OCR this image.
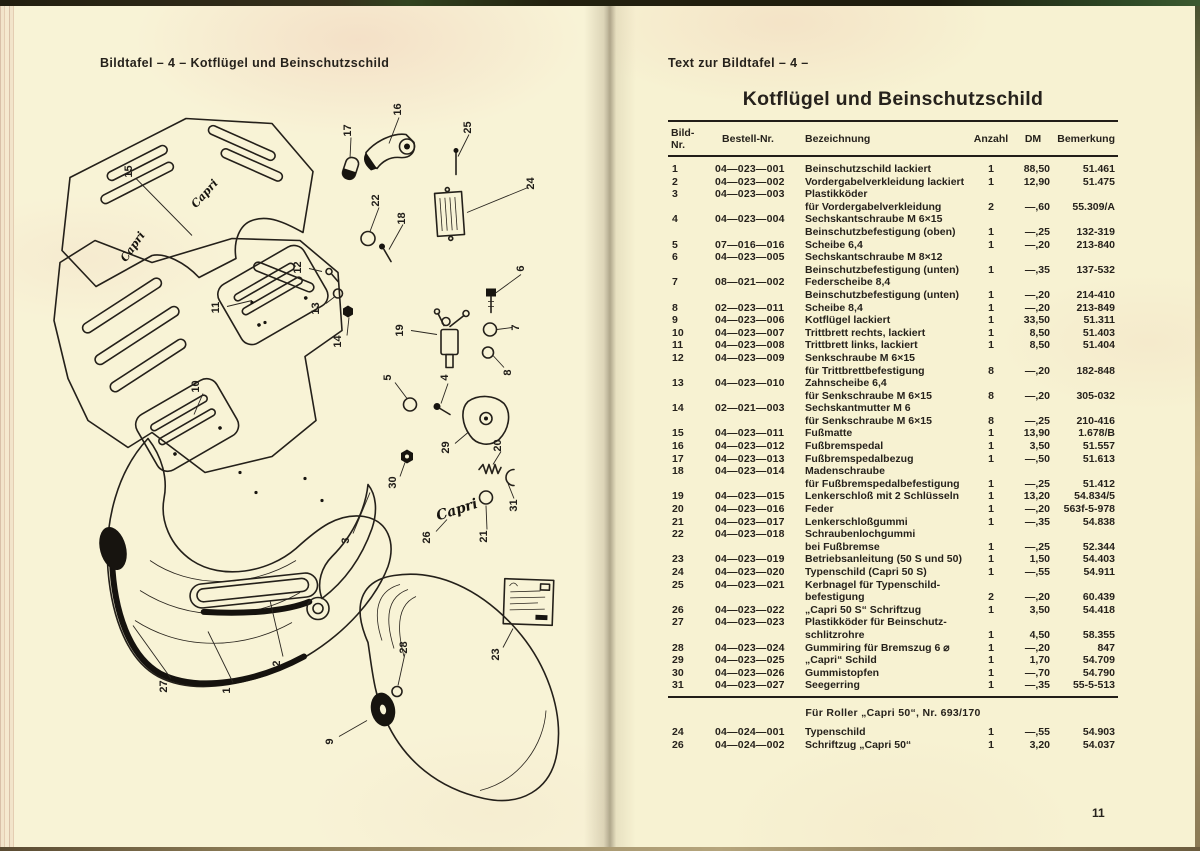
Bildtafel – 4 – Kotflügel und Beinschutzschild
Capri
Capri
Capri
15
17
16
25
24
22
18
12
13
14
11
6
7
19
8
5	4
10
29	20
30
26	21
31
3
2
28
23
27	1
9
Text zur Bildtafel – 4 –
Kotflügel und Beinschutzschild
Bild-
Nr.	Bestell-Nr.	Bezeichnung	Anzahl	DM	Bemerkung
1	04—023—001	Beinschutzschild lackiert	1	88,50	51.461
2	04—023—002	Vordergabelverkleidung lackiert	1	12,90	51.475
3	04—023—003	Plastikköder
für Vordergabelverkleidung	2	—,60	55.309/A
4	04—023—004	Sechskantschraube M 6×15
Beinschutzbefestigung (oben)	1	—,25	132-319
5	07—016—016	Scheibe 6,4	1	—,20	213-840
6	04—023—005	Sechskantschraube M 8×12
Beinschutzbefestigung (unten)	1	—,35	137-532
7	08—021—002	Federscheibe 8,4
Beinschutzbefestigung (unten)	1	—,20	214-410
8	02—023—011	Scheibe 8,4	1	—,20	213-849
9	04—023—006	Kotflügel lackiert	1	33,50	51.311
10	04—023—007	Trittbrett rechts, lackiert	1	8,50	51.403
11	04—023—008	Trittbrett links, lackiert	1	8,50	51.404
12	04—023—009	Senkschraube M 6×15
für Trittbrettbefestigung	8	—,20	182-848
13	04—023—010	Zahnscheibe 6,4
für Senkschraube M 6×15	8	—,20	305-032
14	02—021—003	Sechskantmutter M 6
für Senkschraube M 6×15	8	—,25	210-416
15	04—023—011	Fußmatte	1	13,90	1.678/B
16	04—023—012	Fußbremspedal	1	3,50	51.557
17	04—023—013	Fußbremspedalbezug	1	—,50	51.613
18	04—023—014	Madenschraube
für Fußbremspedalbefestigung	1	—,25	51.412
19	04—023—015	Lenkerschloß mit 2 Schlüsseln	1	13,20	54.834/5
20	04—023—016	Feder	1	—,20	563f-5-978
21	04—023—017	Lenkerschloßgummi	1	—,35	54.838
22	04—023—018	Schraubenlochgummi
bei Fußbremse	1	—,25	52.344
23	04—023—019	Betriebsanleitung (50 S und 50)	1	1,50	54.403
24	04—023—020	Typenschild (Capri 50 S)	1	—,55	54.911
25	04—023—021	Kerbnagel für Typenschild-
befestigung	2	—,20	60.439
26	04—023—022	„Capri 50 S“ Schriftzug	1	3,50	54.418
27	04—023—023	Plastikköder für Beinschutz-
schlitzrohre	1	4,50	58.355
28	04—023—024	Gummiring für Bremszug 6 ⌀	1	—,20	847
29	04—023—025	„Capri“ Schild	1	1,70	54.709
30	04—023—026	Gummistopfen	1	—,70	54.790
31	04—023—027	Seegerring	1	—,35	55-5-513
Für Roller „Capri 50“, Nr. 693/170
24	04—024—001	Typenschild	1	—,55	54.903
26	04—024—002	Schriftzug „Capri 50“	1	3,20	54.037
11
